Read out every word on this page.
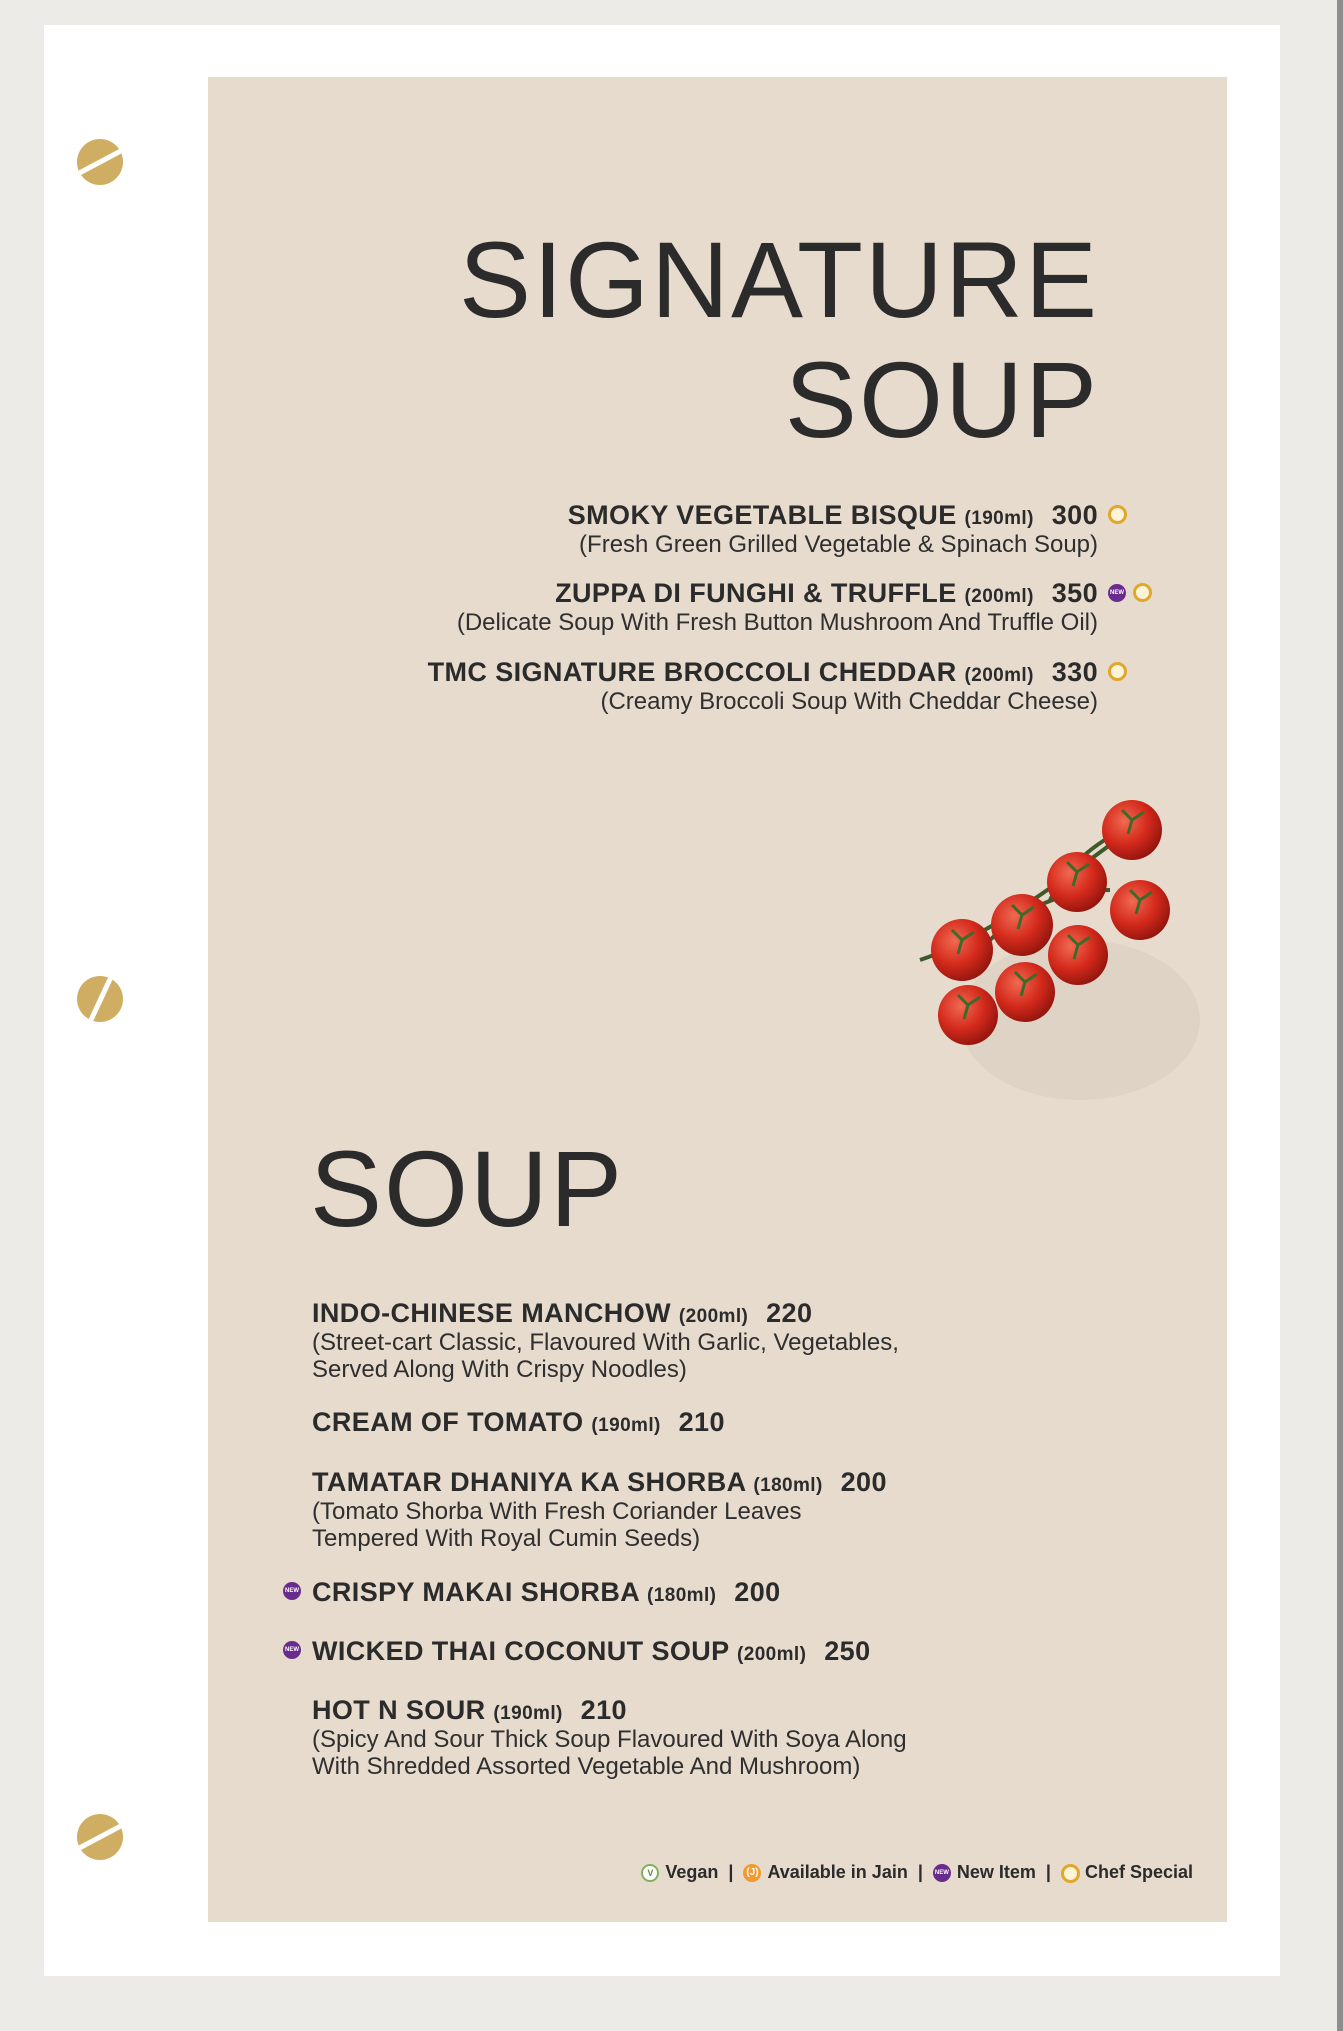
SIGNATURE
SOUP
SMOKY VEGETABLE BISQUE (190ml) 300
(Fresh Green Grilled Vegetable & Spinach Soup)
ZUPPA DI FUNGHI & TRUFFLE (200ml) 350
(Delicate Soup With Fresh Button Mushroom And Truffle Oil)
NEW
TMC SIGNATURE BROCCOLI CHEDDAR (200ml) 330
(Creamy Broccoli Soup With Cheddar Cheese)
SOUP
INDO-CHINESE MANCHOW (200ml) 220
(Street-cart Classic, Flavoured With Garlic, Vegetables,
Served Along With Crispy Noodles)
CREAM OF TOMATO (190ml) 210
TAMATAR DHANIYA KA SHORBA (180ml) 200
(Tomato Shorba With Fresh Coriander Leaves
Tempered With Royal Cumin Seeds)
NEW CRISPY MAKAI SHORBA (180ml) 200
NEW WICKED THAI COCONUT SOUP (200ml) 250
HOT N SOUR (190ml) 210
(Spicy And Sour Thick Soup Flavoured With Soya Along
With Shredded Assorted Vegetable And Mushroom)
V Vegan | (J) Available in Jain |	NEW New Item | Chef Special
